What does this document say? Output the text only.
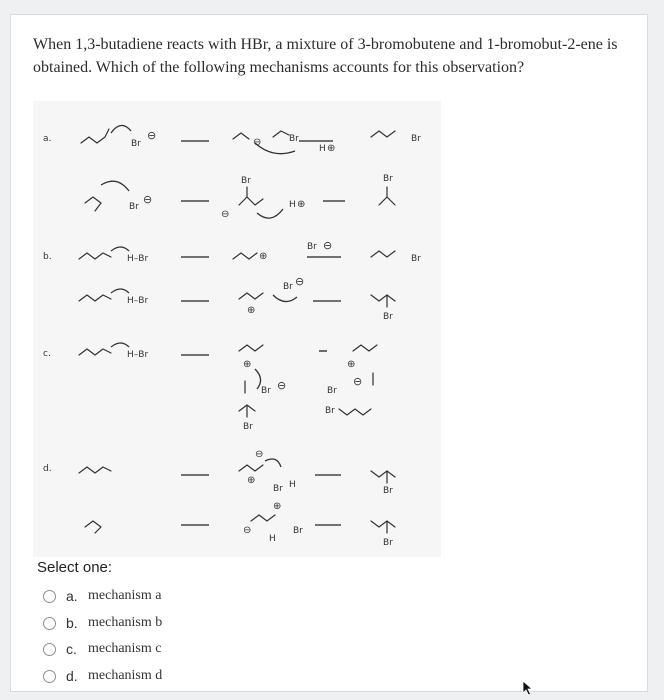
When 1,3-butadiene reacts with HBr, a mixture of 3-bromobutene and 1-bromobut-2-ene is obtained. Which of the following mechanisms accounts for this observation?
a.
b.
c.
d.
Br
⊖
⊖	Br
H ⊕
Br
Br
⊖
⊖
Br
H ⊕
Br
H–Br	⊕
Br ⊖
Br
H–Br
⊕
Br ⊖
Br
H–Br
⊕
Br ⊖
Br
⊕
⊖
Br
Br
⊕
⊖
Br H
Br
⊖
⊕
Br
H	Br
Select one:
a. mechanism a
b. mechanism b
c. mechanism c
d. mechanism d
